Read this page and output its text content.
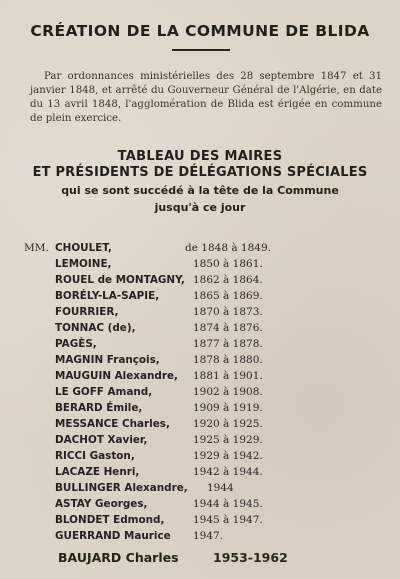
CRÉATION DE LA COMMUNE DE BLIDA
Par ordonnances ministérielles des 28 septembre 1847 et 31 janvier 1848, et arrêté du Gouverneur Général de l'Algérie, en date du 13 avril 1848, l'agglomération de Blida est érigée en commune de plein exercice.
TABLEAU DES MAIRES
ET PRÉSIDENTS DE DÉLÉGATIONS SPÉCIALES
qui se sont succédé à la tête de la Commune
jusqu'à ce jour
MM. CHOULET,	de 1848 à 1849.
LEMOINE,	1850 à 1861.
ROUEL de MONTAGNY, 1862 à 1864.
BORÉLY-LA-SAPIE,	1865 à 1869.
FOURRIER,	1870 à 1873.
TONNAC (de),	1874 à 1876.
PAGÈS,	1877 à 1878.
MAGNIN François,	1878 à 1880.
MAUGUIN Alexandre, 1881 à 1901.
LE GOFF Amand,	1902 à 1908.
BERARD Émile,	1909 à 1919.
MESSANCE Charles, 1920 à 1925.
DACHOT Xavier,	1925 à 1929.
RICCI Gaston,	1929 à 1942.
LACAZE Henri,	1942 à 1944.
BULLINGER Alexandre, 1944
ASTAY Georges,	1944 à 1945.
BLONDET Edmond,	1945 à 1947.
GUERRAND Maurice 1947.
BAUJARD Charles	1953-1962
